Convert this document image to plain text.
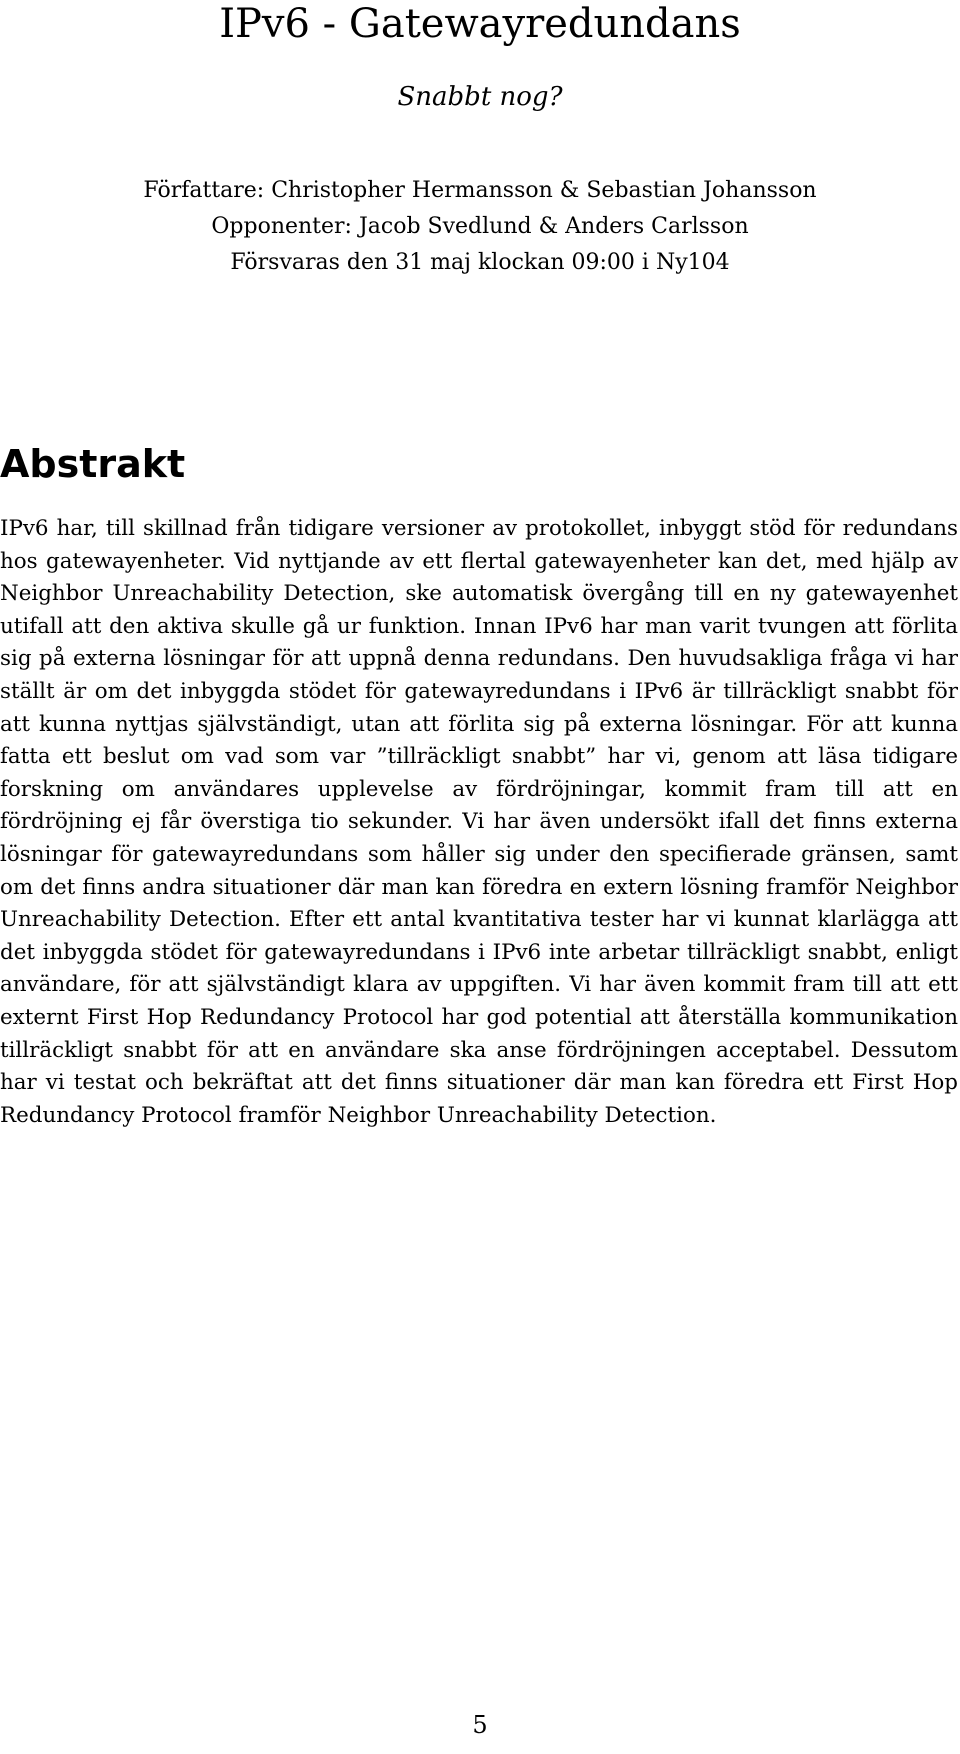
IPv6 - Gatewayredundans

Snabbt nog?

Författare: Christopher Hermansson & Sebastian Johansson
Opponenter: Jacob Svedlund & Anders Carlsson
Försvaras den 31 maj klockan 09:00 i Ny104
Abstrakt

IPv6 har, till skillnad från tidigare versioner av protokollet, inbyggt stöd för redundans hos gatewayenheter. Vid nyttjande av ett flertal gatewayenheter kan det, med hjälp av Neighbor Unreachability Detection, ske automatisk övergång till en ny gatewayenhet utifall att den aktiva skulle gå ur funktion. Innan IPv6 har man varit tvungen att förlita sig på externa lösningar för att uppnå denna redundans. Den huvudsakliga fråga vi har ställt är om det inbyggda stödet för gatewayredundans i IPv6 är tillräckligt snabbt för att kunna nyttjas självständigt, utan att förlita sig på externa lösningar. För att kunna fatta ett beslut om vad som var ”tillräckligt snabbt” har vi, genom att läsa tidigare forskning om användares upplevelse av fördröjningar, kommit fram till att en fördröjning ej får överstiga tio sekunder. Vi har även undersökt ifall det finns externa lösningar för gatewayredundans som håller sig under den specifierade gränsen, samt om det finns andra situationer där man kan föredra en extern lösning framför Neighbor Unreachability Detection. Efter ett antal kvantitativa tester har vi kunnat klarlägga att det inbyggda stödet för gatewayredundans i IPv6 inte arbetar tillräckligt snabbt, enligt användare, för att självständigt klara av uppgiften. Vi har även kommit fram till att ett externt First Hop Redundancy Protocol har god potential att återställa kommunikation tillräckligt snabbt för att en användare ska anse fördröjningen acceptabel. Dessutom har vi testat och bekräftat att det finns situationer där man kan föredra ett First Hop Redundancy Protocol framför Neighbor Unreachability Detection.

5
